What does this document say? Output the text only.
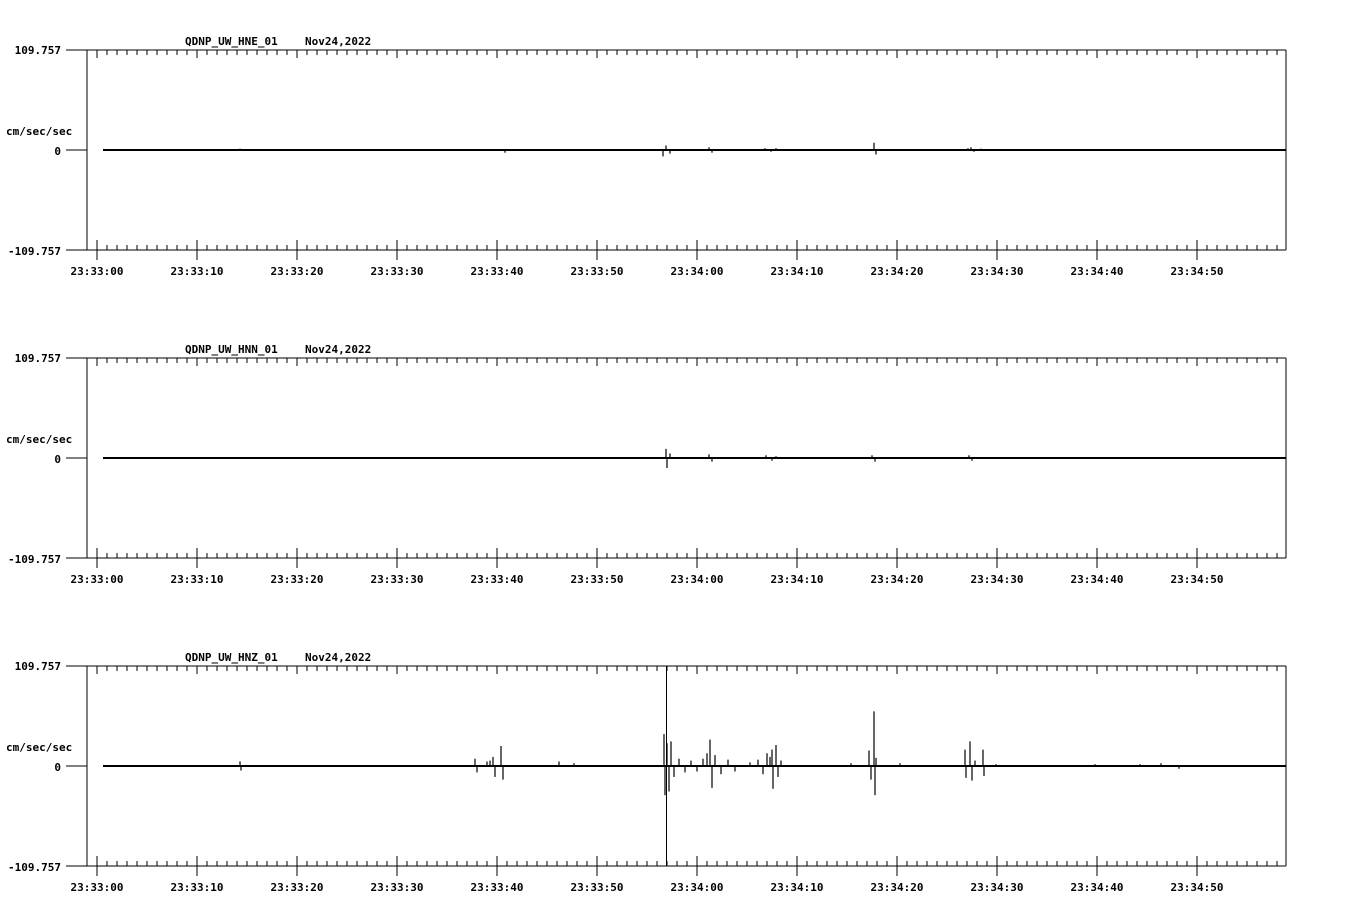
QDNP_UW_HNE_01 Nov24,2022
cm/sec/sec
109.757
0
-109.757
23:33:00	23:33:10	23:33:20	23:33:30	23:33:40	23:33:50	23:34:00	23:34:10	23:34:20	23:34:30	23:34:40	23:34:50
QDNP_UW_HNN_01 Nov24,2022
cm/sec/sec
109.757
0
-109.757
23:33:00	23:33:10	23:33:20	23:33:30	23:33:40	23:33:50	23:34:00	23:34:10	23:34:20	23:34:30	23:34:40	23:34:50
QDNP_UW_HNZ_01 Nov24,2022
cm/sec/sec
109.757
0
-109.757
23:33:00	23:33:10	23:33:20	23:33:30	23:33:40	23:33:50	23:34:00	23:34:10	23:34:20	23:34:30	23:34:40	23:34:50
